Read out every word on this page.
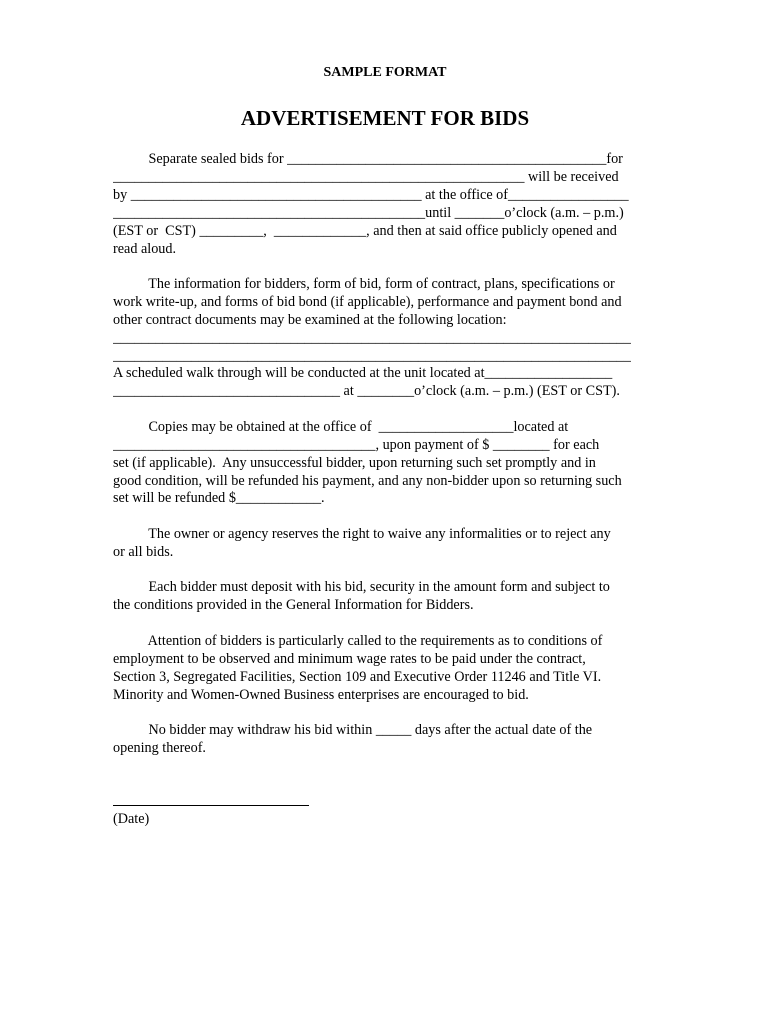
SAMPLE FORMAT
ADVERTISEMENT FOR BIDS
Separate sealed bids for _____________________________________________for
__________________________________________________________ will be received
by _________________________________________ at the office of_________________
____________________________________________until _______o’clock (a.m. – p.m.)
(EST or  CST) _________,  _____________, and then at said office publicly opened and
read aloud.
The information for bidders, form of bid, form of contract, plans, specifications or
work write-up, and forms of bid bond (if applicable), performance and payment bond and
other contract documents may be examined at the following location:
_________________________________________________________________________
_________________________________________________________________________
A scheduled walk through will be conducted at the unit located at__________________
________________________________ at ________o’clock (a.m. – p.m.) (EST or CST).
Copies may be obtained at the office of  ___________________located at
_____________________________________, upon payment of $ ________ for each
set (if applicable).  Any unsuccessful bidder, upon returning such set promptly and in
good condition, will be refunded his payment, and any non-bidder upon so returning such
set will be refunded $____________.
The owner or agency reserves the right to waive any informalities or to reject any
or all bids.
Each bidder must deposit with his bid, security in the amount form and subject to
the conditions provided in the General Information for Bidders.
Attention of bidders is particularly called to the requirements as to conditions of
employment to be observed and minimum wage rates to be paid under the contract,
Section 3, Segregated Facilities, Section 109 and Executive Order 11246 and Title VI.
Minority and Women-Owned Business enterprises are encouraged to bid.
No bidder may withdraw his bid within _____ days after the actual date of the
opening thereof.
(Date)
